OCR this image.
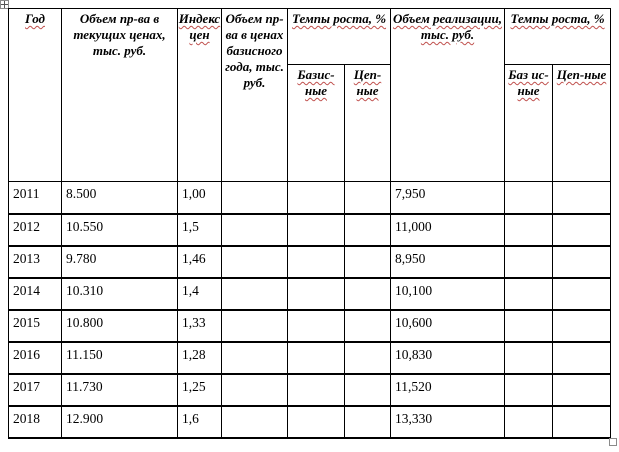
Год	Объем пр-ва в текущих ценах, тыс. руб.	Индекс цен	Объем пр-ва в ценах базисного года, тыс. руб.	Темпы роста, %		Объем реализации, тыс. руб.	Темпы роста, %	
				Базис-ные	Цеп-ные		Баз ис-ные	Цеп-ные
2011	8.500	1,00				7,950		
2012	10.550	1,5				11,000		
2013	9.780	1,46				8,950		
2014	10.310	1,4				10,100		
2015	10.800	1,33				10,600		
2016	11.150	1,28				10,830		
2017	11.730	1,25				11,520		
2018	12.900	1,6				13,330		
